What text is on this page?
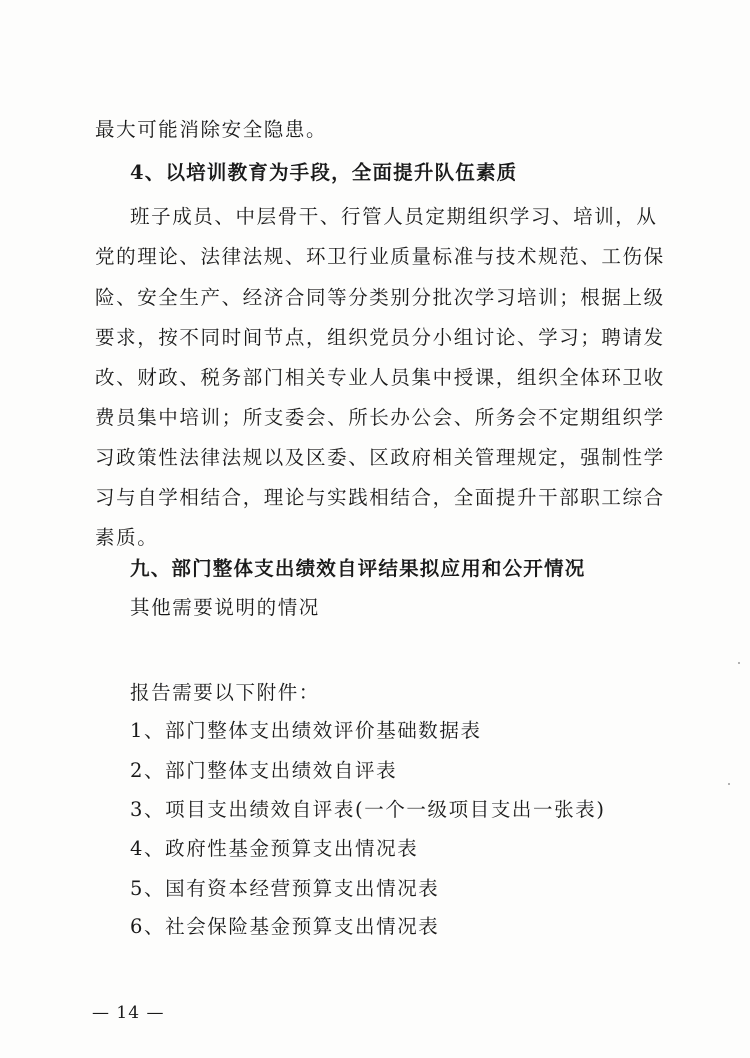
最大可能消除安全隐患。
4、以培训教育为手段，全面提升队伍素质
班子成员、中层骨干、行管人员定期组织学习、培训，从
党的理论、法律法规、环卫行业质量标准与技术规范、工伤保
险、安全生产、经济合同等分类别分批次学习培训；根据上级
要求，按不同时间节点，组织党员分小组讨论、学习；聘请发
改、财政、税务部门相关专业人员集中授课，组织全体环卫收
费员集中培训；所支委会、所长办公会、所务会不定期组织学
习政策性法律法规以及区委、区政府相关管理规定，强制性学
习与自学相结合，理论与实践相结合，全面提升干部职工综合
素质。
九、部门整体支出绩效自评结果拟应用和公开情况
其他需要说明的情况
报告需要以下附件：
1、部门整体支出绩效评价基础数据表
2、部门整体支出绩效自评表
3、项目支出绩效自评表(一个一级项目支出一张表)
4、政府性基金预算支出情况表
5、国有资本经营预算支出情况表
6、社会保险基金预算支出情况表
— 14 —
